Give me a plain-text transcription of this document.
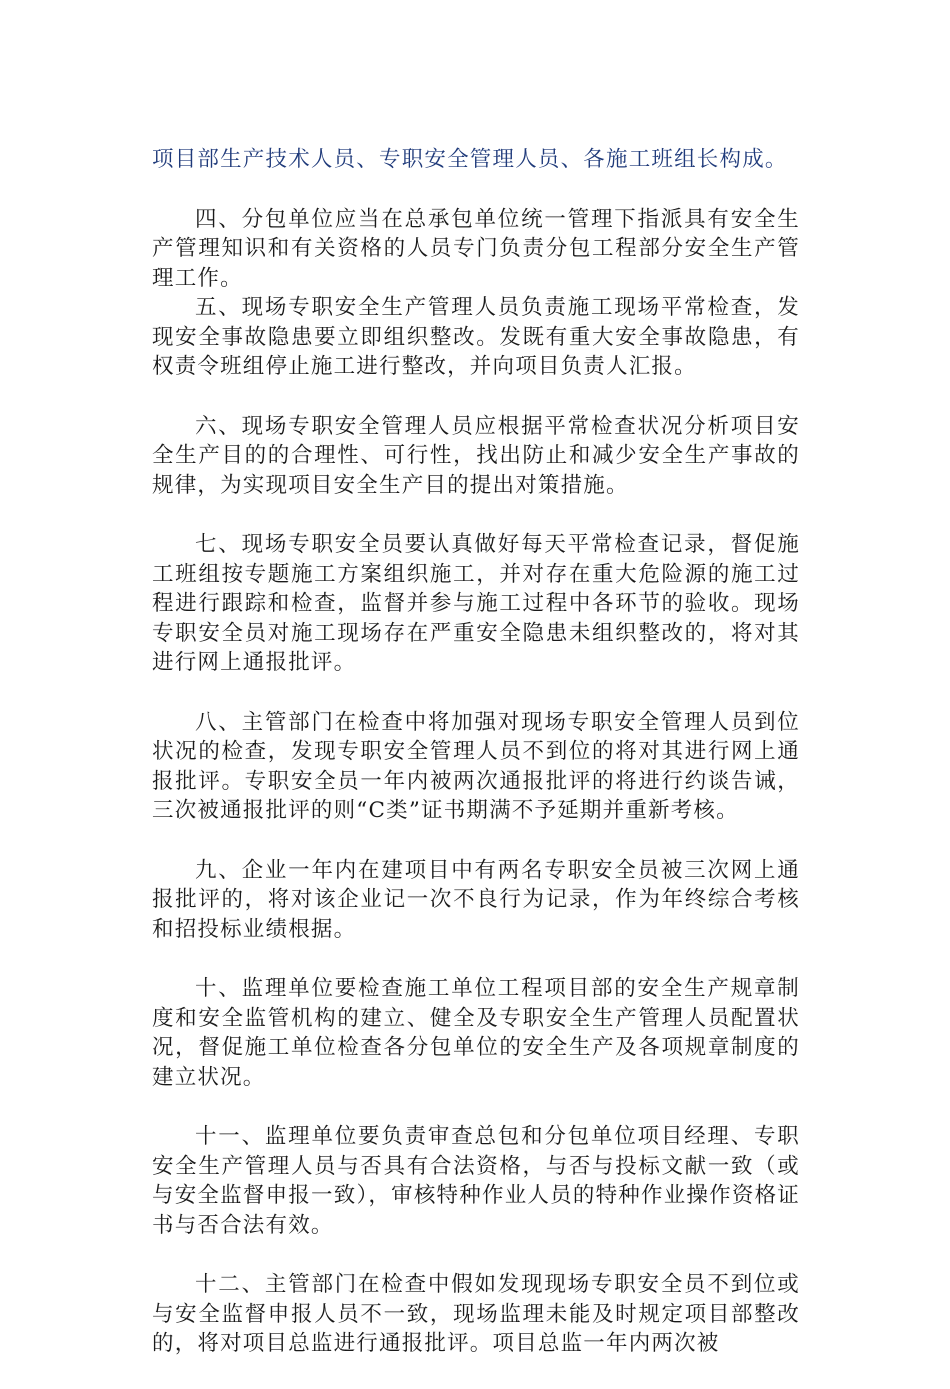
项目部生产技术人员、专职安全管理人员、各施工班组长构成。

四、分包单位应当在总承包单位统一管理下指派具有安全生产管理知识和有关资格的人员专门负责分包工程部分安全生产管理工作。

五、现场专职安全生产管理人员负责施工现场平常检查，发现安全事故隐患要立即组织整改。发既有重大安全事故隐患，有权责令班组停止施工进行整改，并向项目负责人汇报。

六、现场专职安全管理人员应根据平常检查状况分析项目安全生产目的的合理性、可行性，找出防止和减少安全生产事故的规律，为实现项目安全生产目的提出对策措施。

七、现场专职安全员要认真做好每天平常检查记录，督促施工班组按专题施工方案组织施工，并对存在重大危险源的施工过程进行跟踪和检查，监督并参与施工过程中各环节的验收。现场专职安全员对施工现场存在严重安全隐患未组织整改的，将对其进行网上通报批评。

八、主管部门在检查中将加强对现场专职安全管理人员到位状况的检查，发现专职安全管理人员不到位的将对其进行网上通报批评。专职安全员一年内被两次通报批评的将进行约谈告诫，三次被通报批评的则“C类”证书期满不予延期并重新考核。

九、企业一年内在建项目中有两名专职安全员被三次网上通报批评的，将对该企业记一次不良行为记录，作为年终综合考核和招投标业绩根据。

十、监理单位要检查施工单位工程项目部的安全生产规章制度和安全监管机构的建立、健全及专职安全生产管理人员配置状况，督促施工单位检查各分包单位的安全生产及各项规章制度的建立状况。

十一、监理单位要负责审查总包和分包单位项目经理、专职安全生产管理人员与否具有合法资格，与否与投标文献一致（或与安全监督申报一致），审核特种作业人员的特种作业操作资格证书与否合法有效。

十二、主管部门在检查中假如发现现场专职安全员不到位或与安全监督申报人员不一致，现场监理未能及时规定项目部整改的，将对项目总监进行通报批评。项目总监一年内两次被
